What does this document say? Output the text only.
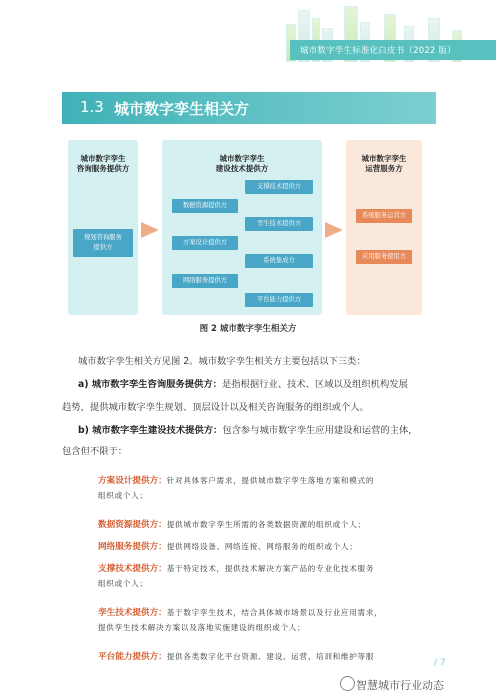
城市数字孪生标准化白皮书（2022 版）
1.3 城市数字孪生相关方
城市数字孪生
咨询服务提供方
规划咨询服务
提供方
城市数字孪生
建设技术提供方
支撑技术提供方
数据资源提供方
孪生技术提供方
方案设计提供方
系统集成方
网络服务提供方
平台能力提供方
城市数字孪生
运营服务方
系统服务运营方
应用服务使用方
图 2 城市数字孪生相关方
城市数字孪生相关方见图 2。城市数字孪生相关方主要包括以下三类：
a) 城市数字孪生咨询服务提供方：是指根据行业、技术、区域以及组织机构发展
趋势，提供城市数字孪生规划、顶层设计以及相关咨询服务的组织或个人。
b) 城市数字孪生建设技术提供方：包含参与城市数字孪生应用建设和运营的主体，
包含但不限于：
方案设计提供方：针对具体客户需求，提供城市数字孪生落地方案和模式的
组织或个人；
数据资源提供方：提供城市数字孪生所需的各类数据资源的组织或个人；
网络服务提供方：提供网络设备、网络连接、网络服务的组织或个人；
支撑技术提供方：基于特定技术，提供技术解决方案产品的专业化技术服务
组织或个人；
孪生技术提供方：基于数字孪生技术，结合具体城市场景以及行业应用需求，
提供孪生技术解决方案以及落地实施建设的组织或个人；
平台能力提供方：提供各类数字化平台资源、建设、运营、培训和维护等服
/ 7
智慧城市行业动态
